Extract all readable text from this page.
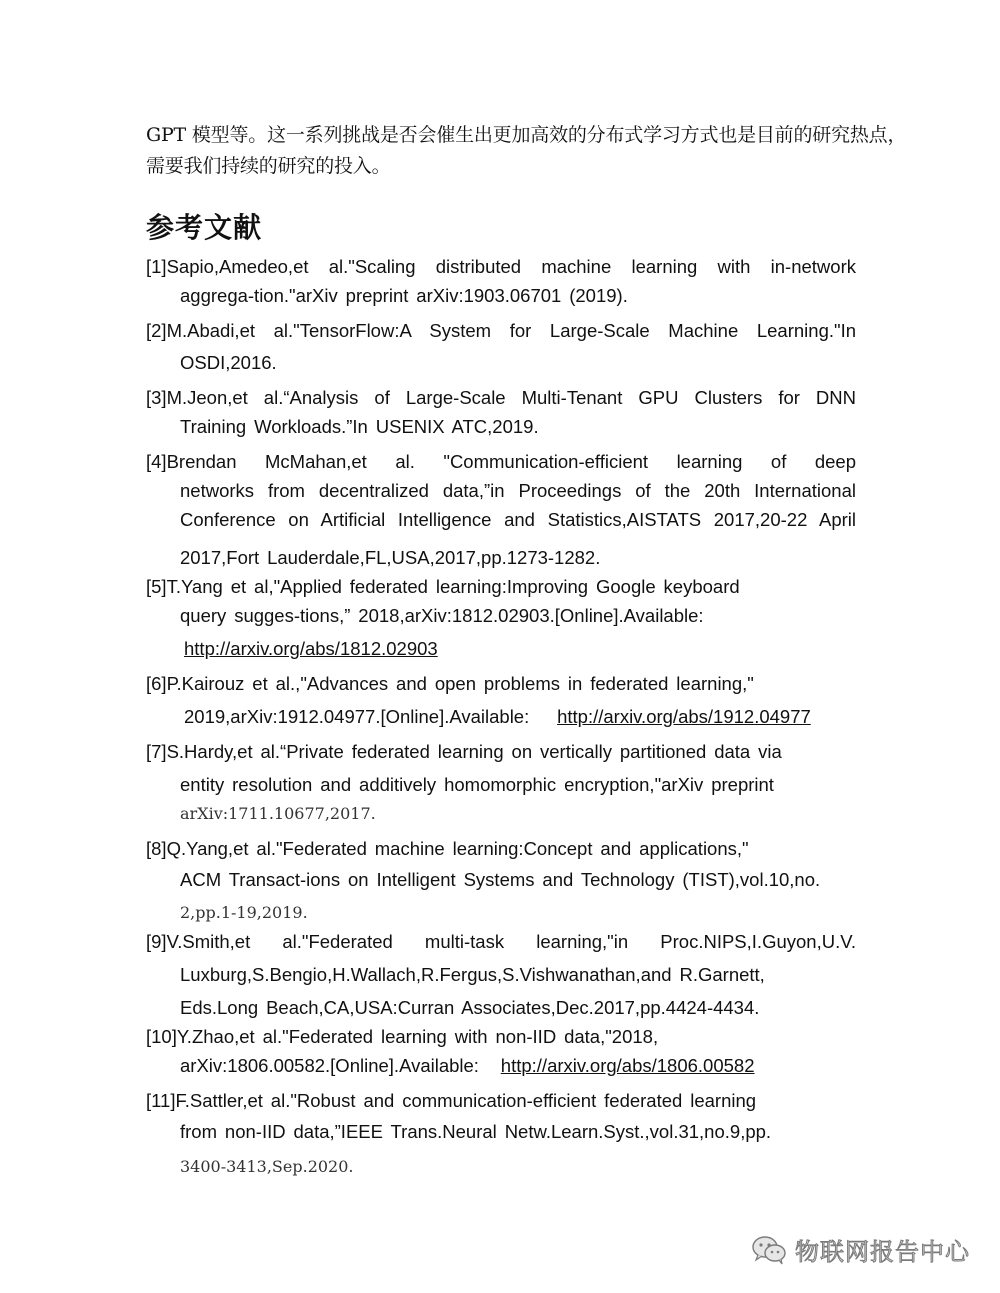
GPT 模型等。这一系列挑战是否会催生出更加高效的分布式学习方式也是目前的研究热点，

需要我们持续的研究的投入。

参考文献
[1]Sapio,Amedeo,et al."Scaling distributed machine learning with in-network
aggrega-tion."arXiv preprint arXiv:1903.06701 (2019).
[2]M.Abadi,et al."TensorFlow:A System for Large-Scale Machine Learning."In
OSDI,2016.
[3]M.Jeon,et al.“Analysis of Large-Scale Multi-Tenant GPU Clusters for DNN
Training Workloads.”In USENIX ATC,2019.
[4]Brendan McMahan,et al. "Communication-efficient learning of deep
networks from decentralized data,”in Proceedings of the 20th International
Conference on Artificial Intelligence and Statistics,AISTATS 2017,20-22 April
2017,Fort Lauderdale,FL,USA,2017,pp.1273-1282.
[5]T.Yang et al,"Applied federated learning:Improving Google keyboard
query sugges-tions,” 2018,arXiv:1812.02903.[Online].Available:
http://arxiv.org/abs/1812.02903
[6]P.Kairouz et al.,"Advances and open problems in federated learning,"
2019,arXiv:1912.04977.[Online].Available: http://arxiv.org/abs/1912.04977
[7]S.Hardy,et al.“Private federated learning on vertically partitioned data via
entity resolution and additively homomorphic encryption,"arXiv preprint
arXiv:1711.10677,2017.
[8]Q.Yang,et al."Federated machine learning:Concept and applications,"
ACM Transact-ions on Intelligent Systems and Technology (TIST),vol.10,no.
2,pp.1-19,2019.
[9]V.Smith,et al."Federated multi-task learning,"in Proc.NIPS,I.Guyon,U.V.
Luxburg,S.Bengio,H.Wallach,R.Fergus,S.Vishwanathan,and R.Garnett,
Eds.Long Beach,CA,USA:Curran Associates,Dec.2017,pp.4424-4434.
[10]Y.Zhao,et al."Federated learning with non-IID data,"2018,
arXiv:1806.00582.[Online].Available: http://arxiv.org/abs/1806.00582
[11]F.Sattler,et al."Robust and communication-efficient federated learning
from non-IID data,”IEEE Trans.Neural Netw.Learn.Syst.,vol.31,no.9,pp.
3400-3413,Sep.2020.
物联网报告中心
